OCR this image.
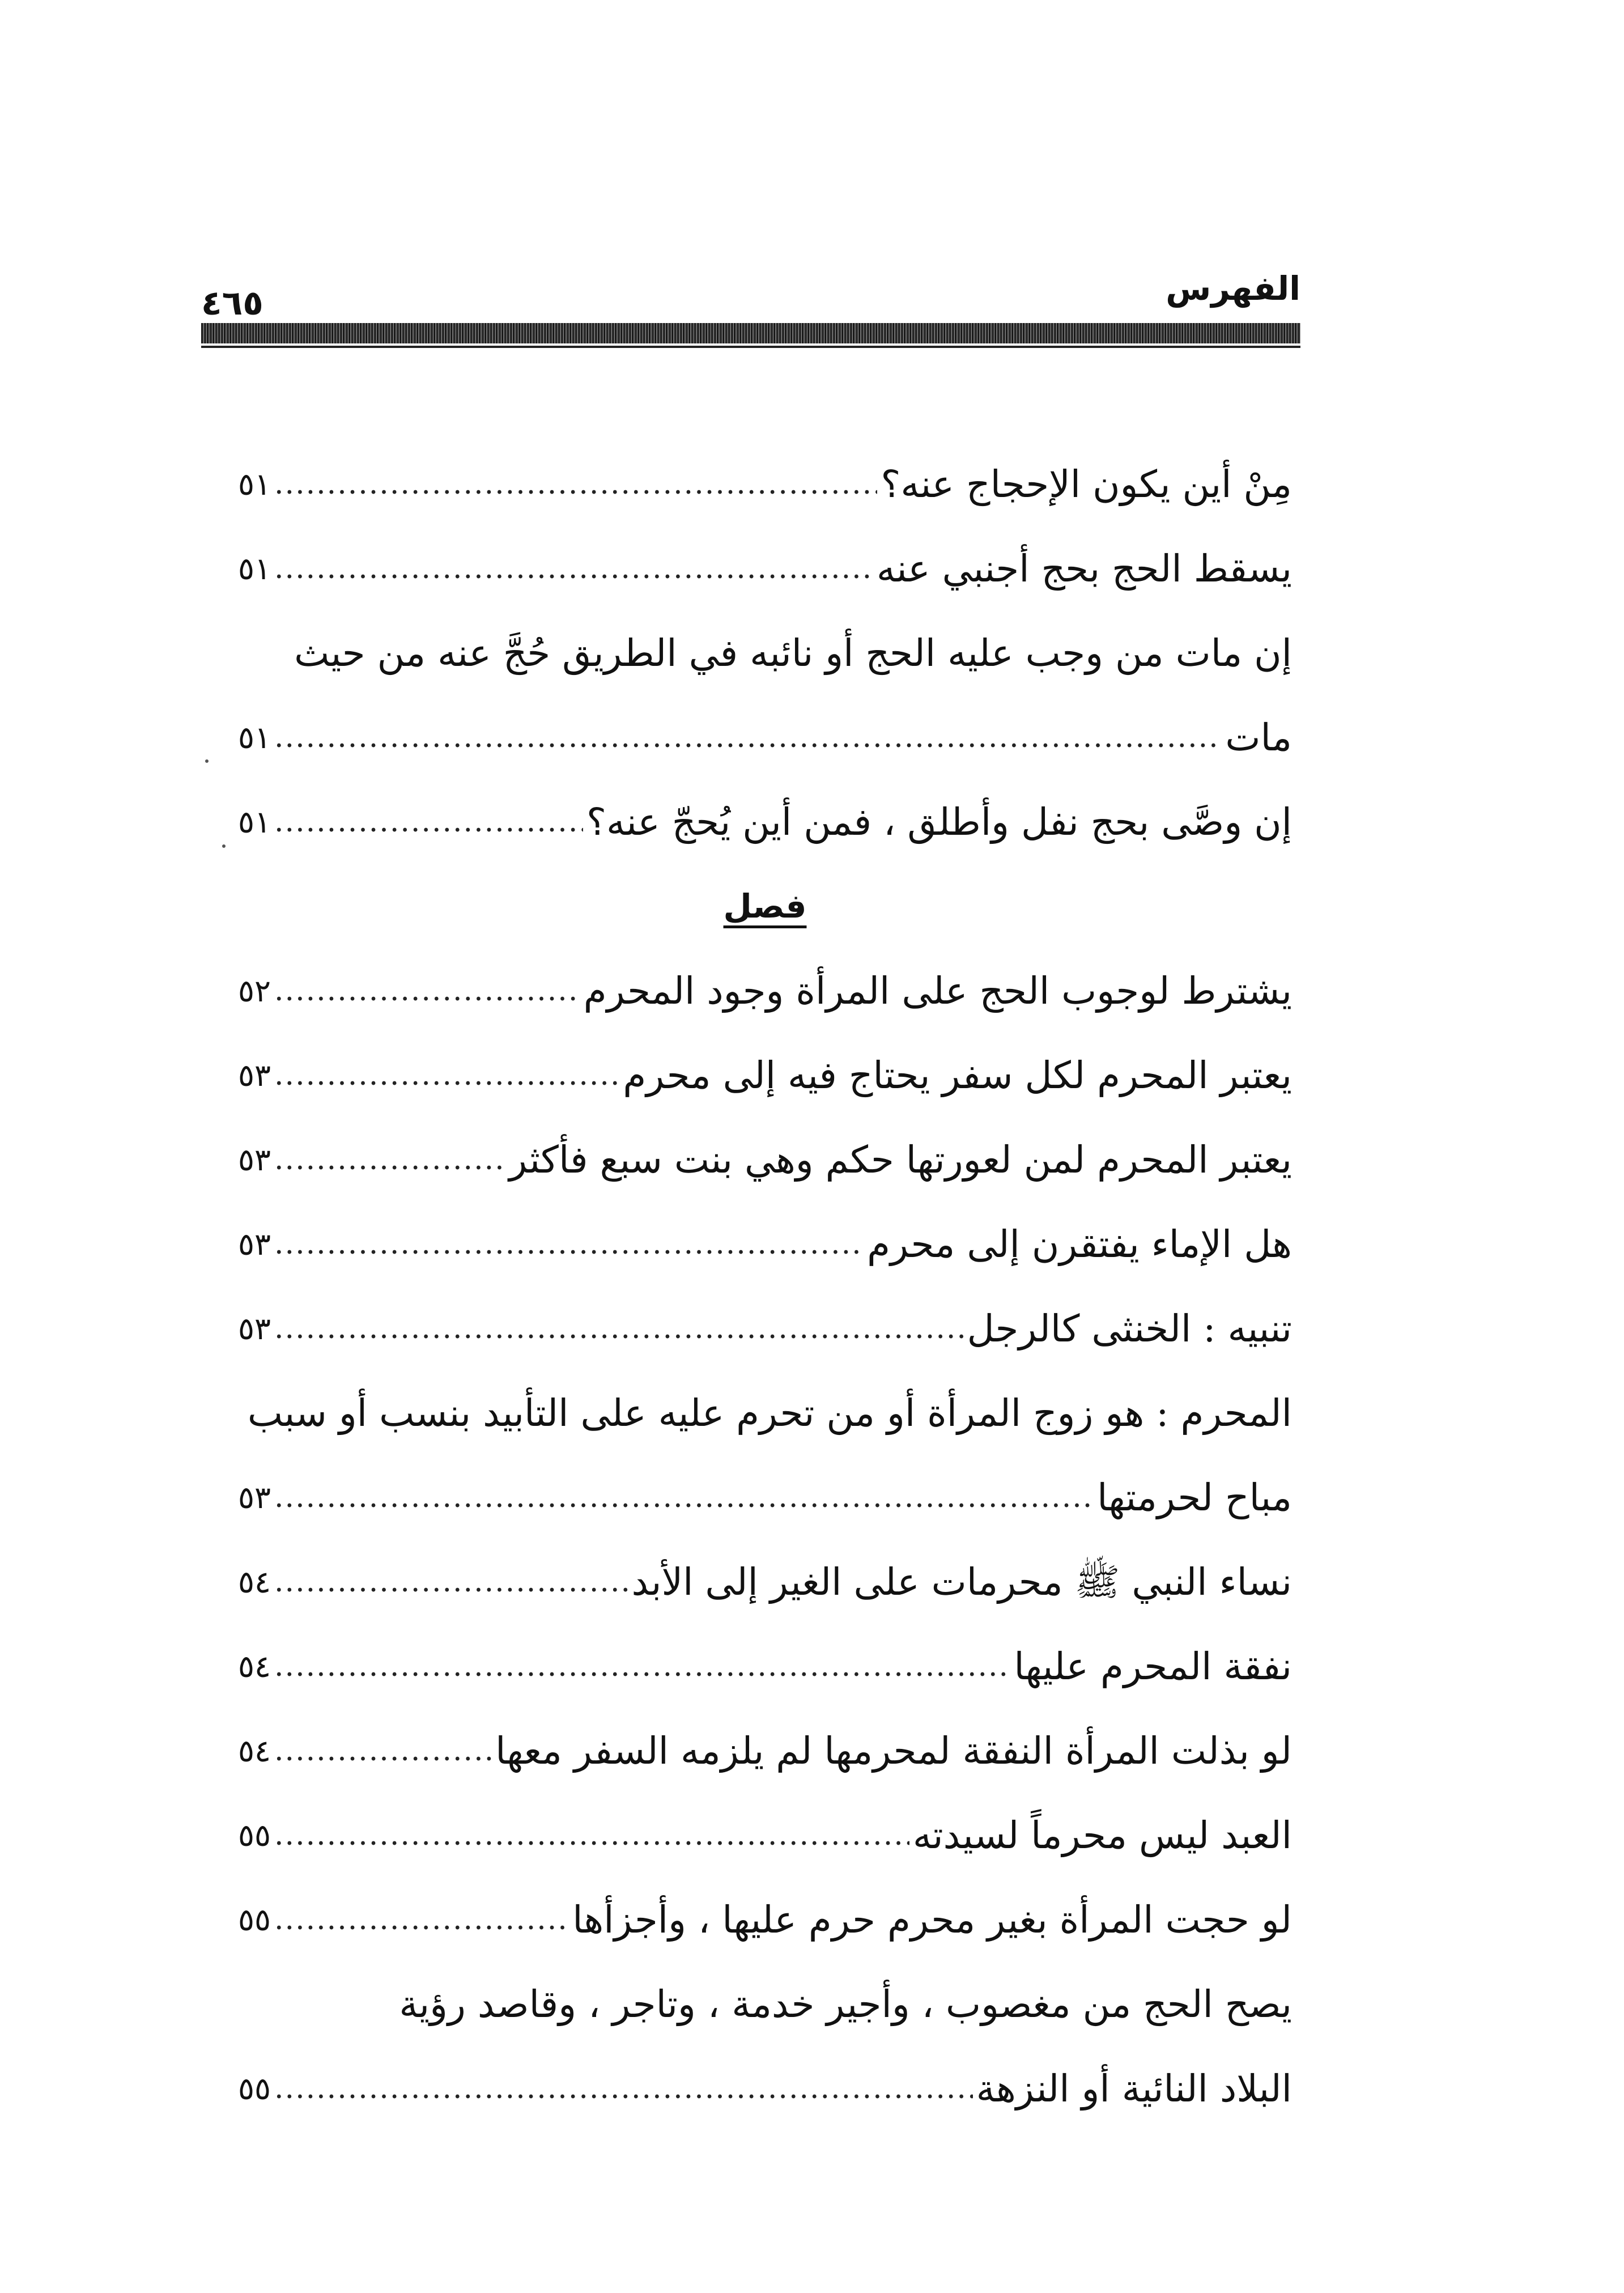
٤٦٥	الفهرس
مِنْ أين يكون الإحجاج عنه؟
.....
٥١
يسقط الحج بحج أجنبي عنه
.....
٥١
إن مات من وجب عليه الحج أو نائبه في الطريق حُجَّ عنه من حيث
مات
.....
٥١
إن وصَّى بحج نفل وأطلق ، فمن أين يُحجّ عنه؟
.....
٥١
فصل
يشترط لوجوب الحج على المرأة وجود المحرم
.....
٥٢
يعتبر المحرم لكل سفر يحتاج فيه إلى محرم
.....
٥٣
يعتبر المحرم لمن لعورتها حكم وهي بنت سبع فأكثر
.....
٥٣
هل الإماء يفتقرن إلى محرم
.....
٥٣
تنبيه : الخنثى كالرجل
.....
٥٣
المحرم : هو زوج المرأة أو من تحرم عليه على التأبيد بنسب أو سبب
مباح لحرمتها
.....
٥٣
نساء النبي ﷺ محرمات على الغير إلى الأبد
.....
٥٤
نفقة المحرم عليها
.....
٥٤
لو بذلت المرأة النفقة لمحرمها لم يلزمه السفر معها
.....
٥٤
العبد ليس محرماً لسيدته
.....
٥٥
لو حجت المرأة بغير محرم حرم عليها ، وأجزأها
.....
٥٥
يصح الحج من مغصوب ، وأجير خدمة ، وتاجر ، وقاصد رؤية
البلاد النائية أو النزهة
.....
٥٥
